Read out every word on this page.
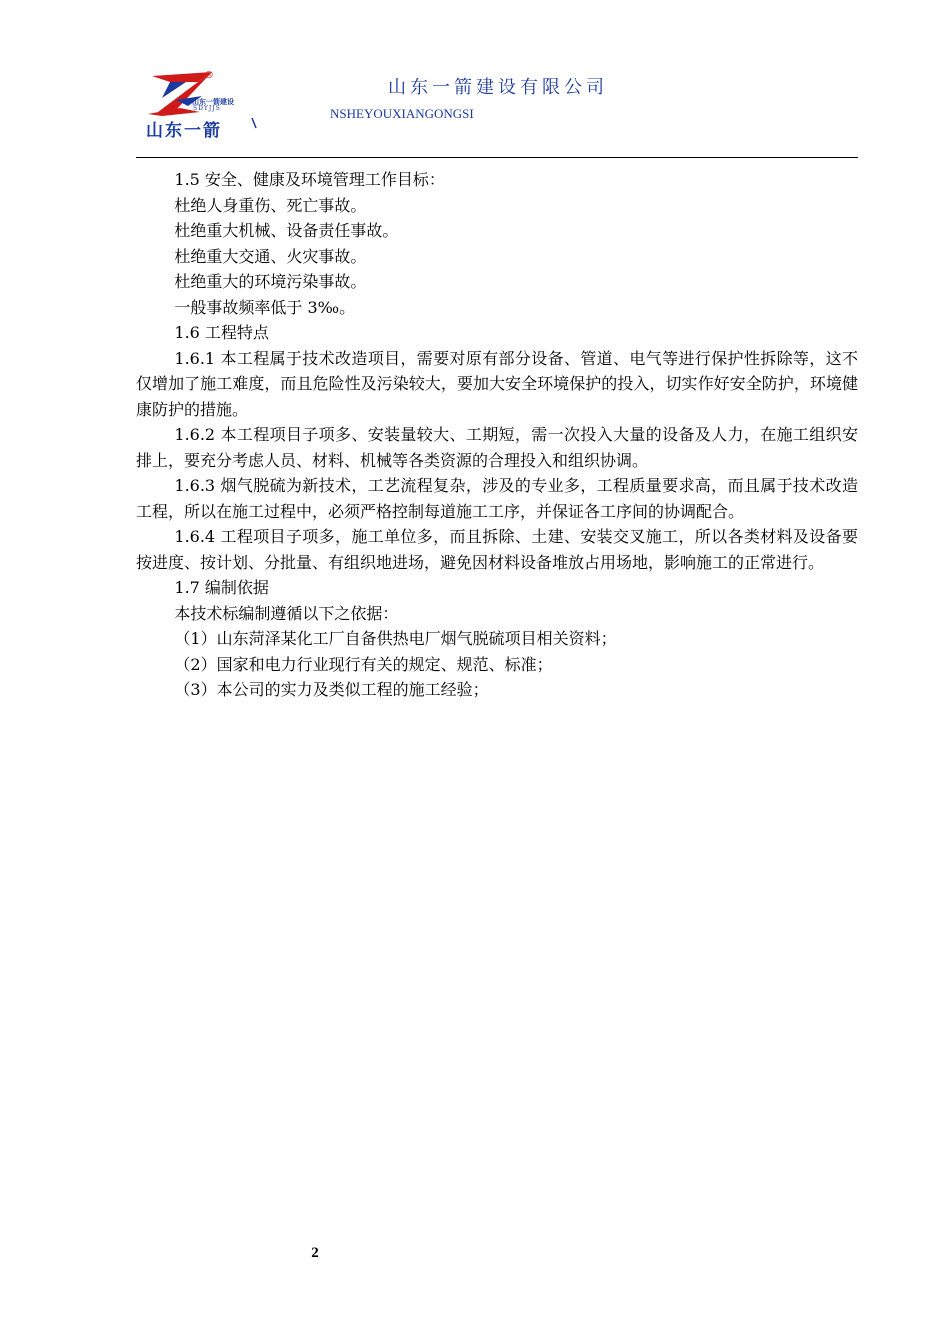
®
山东一箭建设
SDYJJS
山东一箭
山东一箭建设有限公司
NSHEYOUXIANGONGSI

1.5 安全、健康及环境管理工作目标：

杜绝人身重伤、死亡事故。

杜绝重大机械、设备责任事故。

杜绝重大交通、火灾事故。

杜绝重大的环境污染事故。

一般事故频率低于 3‰。

1.6 工程特点

1.6.1 本工程属于技术改造项目，需要对原有部分设备、管道、电气等进行保护性拆除等，这不仅增加了施工难度，而且危险性及污染较大，要加大安全环境保护的投入，切实作好安全防护，环境健康防护的措施。

1.6.2 本工程项目子项多、安装量较大、工期短，需一次投入大量的设备及人力，在施工组织安排上，要充分考虑人员、材料、机械等各类资源的合理投入和组织协调。

1.6.3 烟气脱硫为新技术，工艺流程复杂，涉及的专业多，工程质量要求高，而且属于技术改造工程，所以在施工过程中，必须严格控制每道施工工序，并保证各工序间的协调配合。

1.6.4 工程项目子项多，施工单位多，而且拆除、土建、安装交叉施工，所以各类材料及设备要按进度、按计划、分批量、有组织地进场，避免因材料设备堆放占用场地，影响施工的正常进行。

1.7 编制依据

本技术标编制遵循以下之依据：

（1）山东菏泽某化工厂自备供热电厂烟气脱硫项目相关资料；

（2）国家和电力行业现行有关的规定、规范、标准；

（3）本公司的实力及类似工程的施工经验；

2
